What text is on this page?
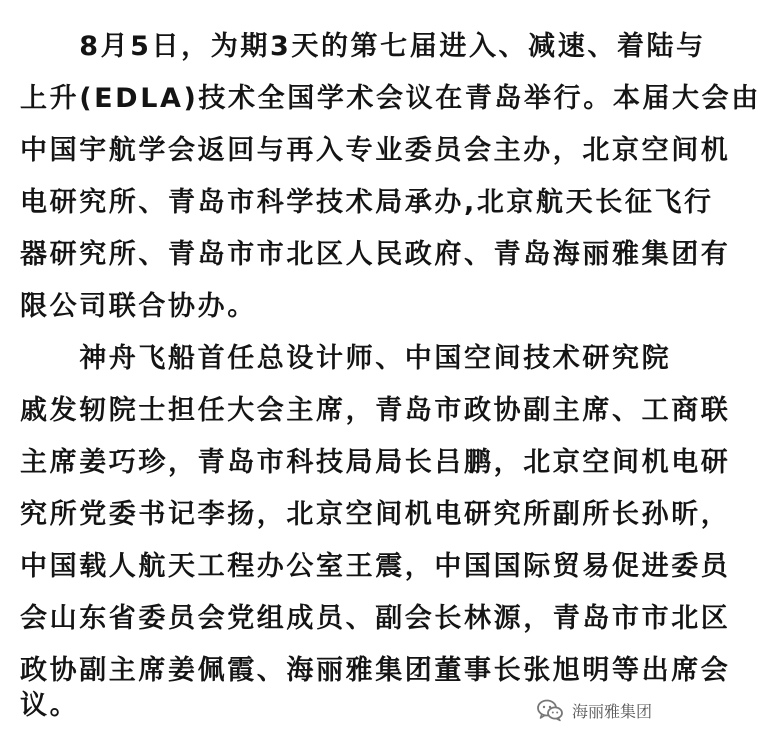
　　8月5日，为期3天的第七届进入、减速、着陆与
上升(EDLA)技术全国学术会议在青岛举行。本届大会由
中国宇航学会返回与再入专业委员会主办，北京空间机
电研究所、青岛市科学技术局承办,北京航天长征飞行
器研究所、青岛市市北区人民政府、青岛海丽雅集团有
限公司联合协办。
　　神舟飞船首任总设计师、中国空间技术研究院
戚发轫院士担任大会主席，青岛市政协副主席、工商联
主席姜巧珍，青岛市科技局局长吕鹏，北京空间机电研
究所党委书记李扬，北京空间机电研究所副所长孙昕，
中国载人航天工程办公室王震，中国国际贸易促进委员
会山东省委员会党组成员、副会长林源，青岛市市北区
政协副主席姜佩霞、海丽雅集团董事长张旭明等出席会
议。	海丽雅集团
